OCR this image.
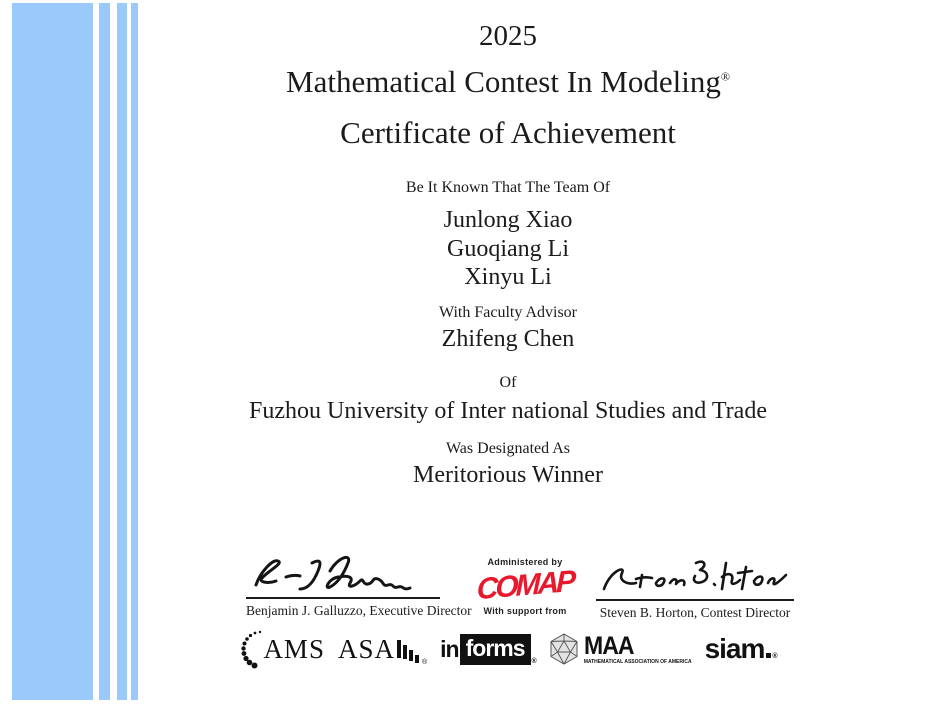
2025
Mathematical Contest In Modeling®
Certificate of Achievement
Be It Known That The Team Of
Junlong Xiao
Guoqiang Li
Xinyu Li
With Faculty Advisor
Zhifeng Chen
Of
Fuzhou University of Inter national Studies and Trade
Was Designated As
Meritorious Winner
Benjamin J. Galluzzo, Executive Director
Administered by
COMAP
With support from	Steven B. Horton, Contest Director
AMS ASA	®
in forms
®
MAA
MATHEMATICAL ASSOCIATION OF AMERICA siam ®
